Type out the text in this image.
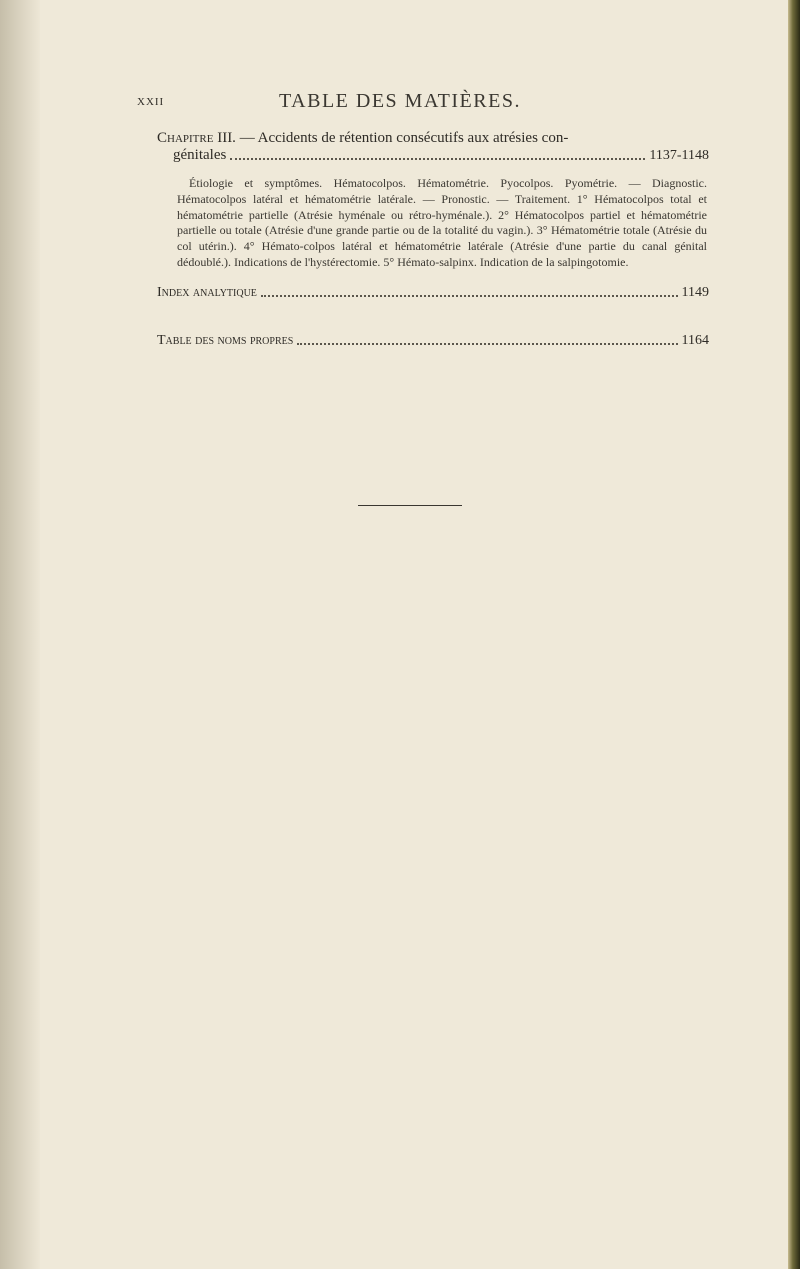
XXII	TABLE DES MATIÈRES.
Chapitre III. — Accidents de rétention consécutifs aux atrésies con-
génitales	1137-1148
Étiologie et symptômes. Hématocolpos. Hématométrie. Pyocolpos. Pyométrie. — Diagnostic. Hématocolpos latéral et hématométrie latérale. — Pronostic. — Traitement. 1° Hématocolpos total et hématométrie partielle (Atrésie hyménale ou rétro-hyménale.). 2° Hématocolpos partiel et hématométrie partielle ou totale (Atrésie d'une grande partie ou de la totalité du vagin.). 3° Hématométrie totale (Atrésie du col utérin.). 4° Hémato-colpos latéral et hématométrie latérale (Atrésie d'une partie du canal génital dédoublé.). Indications de l'hystérectomie. 5° Hémato-salpinx. Indication de la salpingotomie.
Index analytique	1149
Table des noms propres	1164
